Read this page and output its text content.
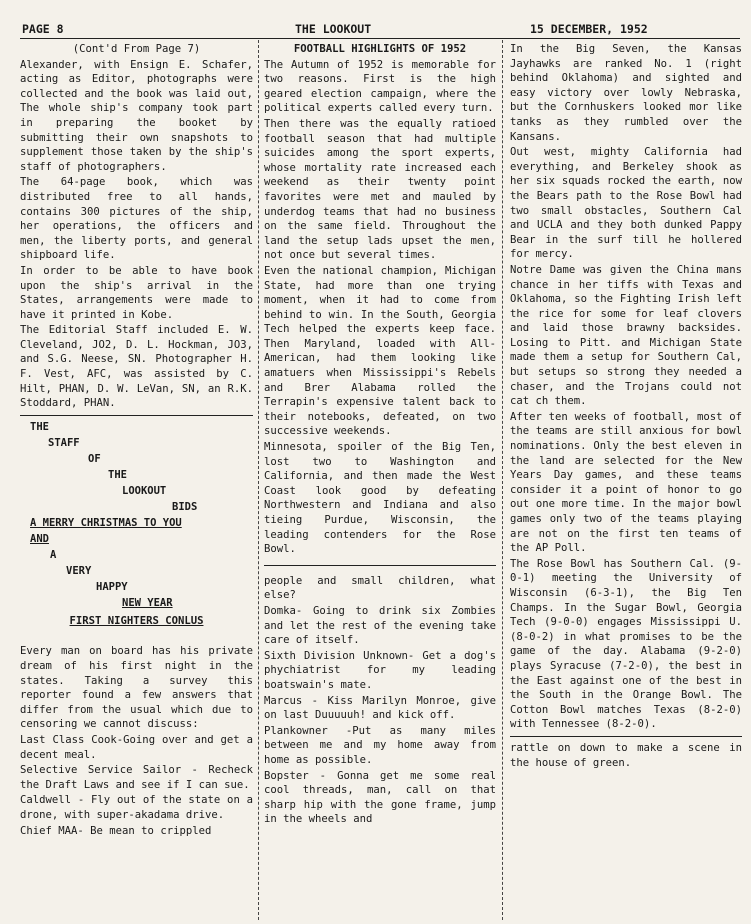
PAGE 8	THE LOOKOUT	15 DECEMBER, 1952

(Cont'd From Page 7)

Alexander, with Ensign E. Schafer, acting as Editor, photographs were collected and the book was laid out, The whole ship's company took part in preparing the booket by submitting their own snapshots to supplement those taken by the ship's staff of photographers.

The 64-page book, which was distributed free to all hands, contains 300 pictures of the ship, her operations, the officers and men, the liberty ports, and general shipboard life.

In order to be able to have book upon the ship's arrival in the States, arrangements were made to have it printed in Kobe.

The Editorial Staff included E. W. Cleveland, JO2, D. L. Hockman, JO3, and S.G. Neese, SN. Photographer H. F. Vest, AFC, was assisted by C. Hilt, PHAN, D. W. LeVan, SN, an R.K. Stoddard, PHAN.

THE

STAFF

OF

THE

LOOKOUT

BIDS

A MERRY CHRISTMAS TO YOU

AND

A

VERY

HAPPY

NEW YEAR

FIRST NIGHTERS CONLUS

Every man on board has his private dream of his first night in the states. Taking a survey this reporter found a few answers that differ from the usual which due to censoring we cannot discuss:

Last Class Cook-Going over and get a decent meal.

Selective Service Sailor - Recheck the Draft Laws and see if I can sue.

Caldwell - Fly out of the state on a drone, with super-akadama drive.

Chief MAA- Be mean to crippled

FOOTBALL HIGHLIGHTS OF 1952

The Autumn of 1952 is memorable for two reasons. First is the high geared election campaign, where the political experts called every turn.

Then there was the equally ratioed football season that had multiple suicides among the sport experts, whose mortality rate increased each weekend as their twenty point favorites were met and mauled by underdog teams that had no business on the same field. Throughout the land the setup lads upset the men, not once but several times.

Even the national champion, Michigan State, had more than one trying moment, when it had to come from behind to win. In the South, Georgia Tech helped the experts keep face. Then Maryland, loaded with All-American, had them looking like amatuers when Mississippi's Rebels and Brer Alabama rolled the Terrapin's expensive talent back to their notebooks, defeated, on two successive weekends.

Minnesota, spoiler of the Big Ten, lost two to Washington and California, and then made the West Coast look good by defeating Northwestern and Indiana and also tieing Purdue, Wisconsin, the leading contenders for the Rose Bowl.

people and small children, what else?

Domka- Going to drink six Zombies and let the rest of the evening take care of itself.

Sixth Division Unknown- Get a dog's phychiatrist for my leading boatswain's mate.

Marcus - Kiss Marilyn Monroe, give on last Duuuuuh! and kick off.

Plankowner -Put as many miles between me and my home away from home as possible.

Bopster - Gonna get me some real cool threads, man, call on that sharp hip with the gone frame, jump in the wheels and

In the Big Seven, the Kansas Jayhawks are ranked No. 1 (right behind Oklahoma) and sighted and easy victory over lowly Nebraska, but the Cornhuskers looked mor like tanks as they rumbled over the Kansans.

Out west, mighty California had everything, and Berkeley shook as her six squads rocked the earth, now the Bears path to the Rose Bowl had two small obstacles, Southern Cal and UCLA and they both dunked Pappy Bear in the surf till he hollered for mercy.

Notre Dame was given the China mans chance in her tiffs with Texas and Oklahoma, so the Fighting Irish left the rice for some for leaf clovers and laid those brawny backsides. Losing to Pitt. and Michigan State made them a setup for Southern Cal, but setups so strong they needed a chaser, and the Trojans could not cat ch them.

After ten weeks of football, most of the teams are still anxious for bowl nominations. Only the best eleven in the land are selected for the New Years Day games, and these teams consider it a point of honor to go out one more time. In the major bowl games only two of the teams playing are not on the first ten teams of the AP Poll.

The Rose Bowl has Southern Cal. (9-0-1) meeting the University of Wisconsin (6-3-1), the Big Ten Champs. In the Sugar Bowl, Georgia Tech (9-0-0) engages Mississippi U. (8-0-2) in what promises to be the game of the day. Alabama (9-2-0) plays Syracuse (7-2-0), the best in the East against one of the best in the South in the Orange Bowl. The Cotton Bowl matches Texas (8-2-0) with Tennessee (8-2-0).

rattle on down to make a scene in the house of green.
